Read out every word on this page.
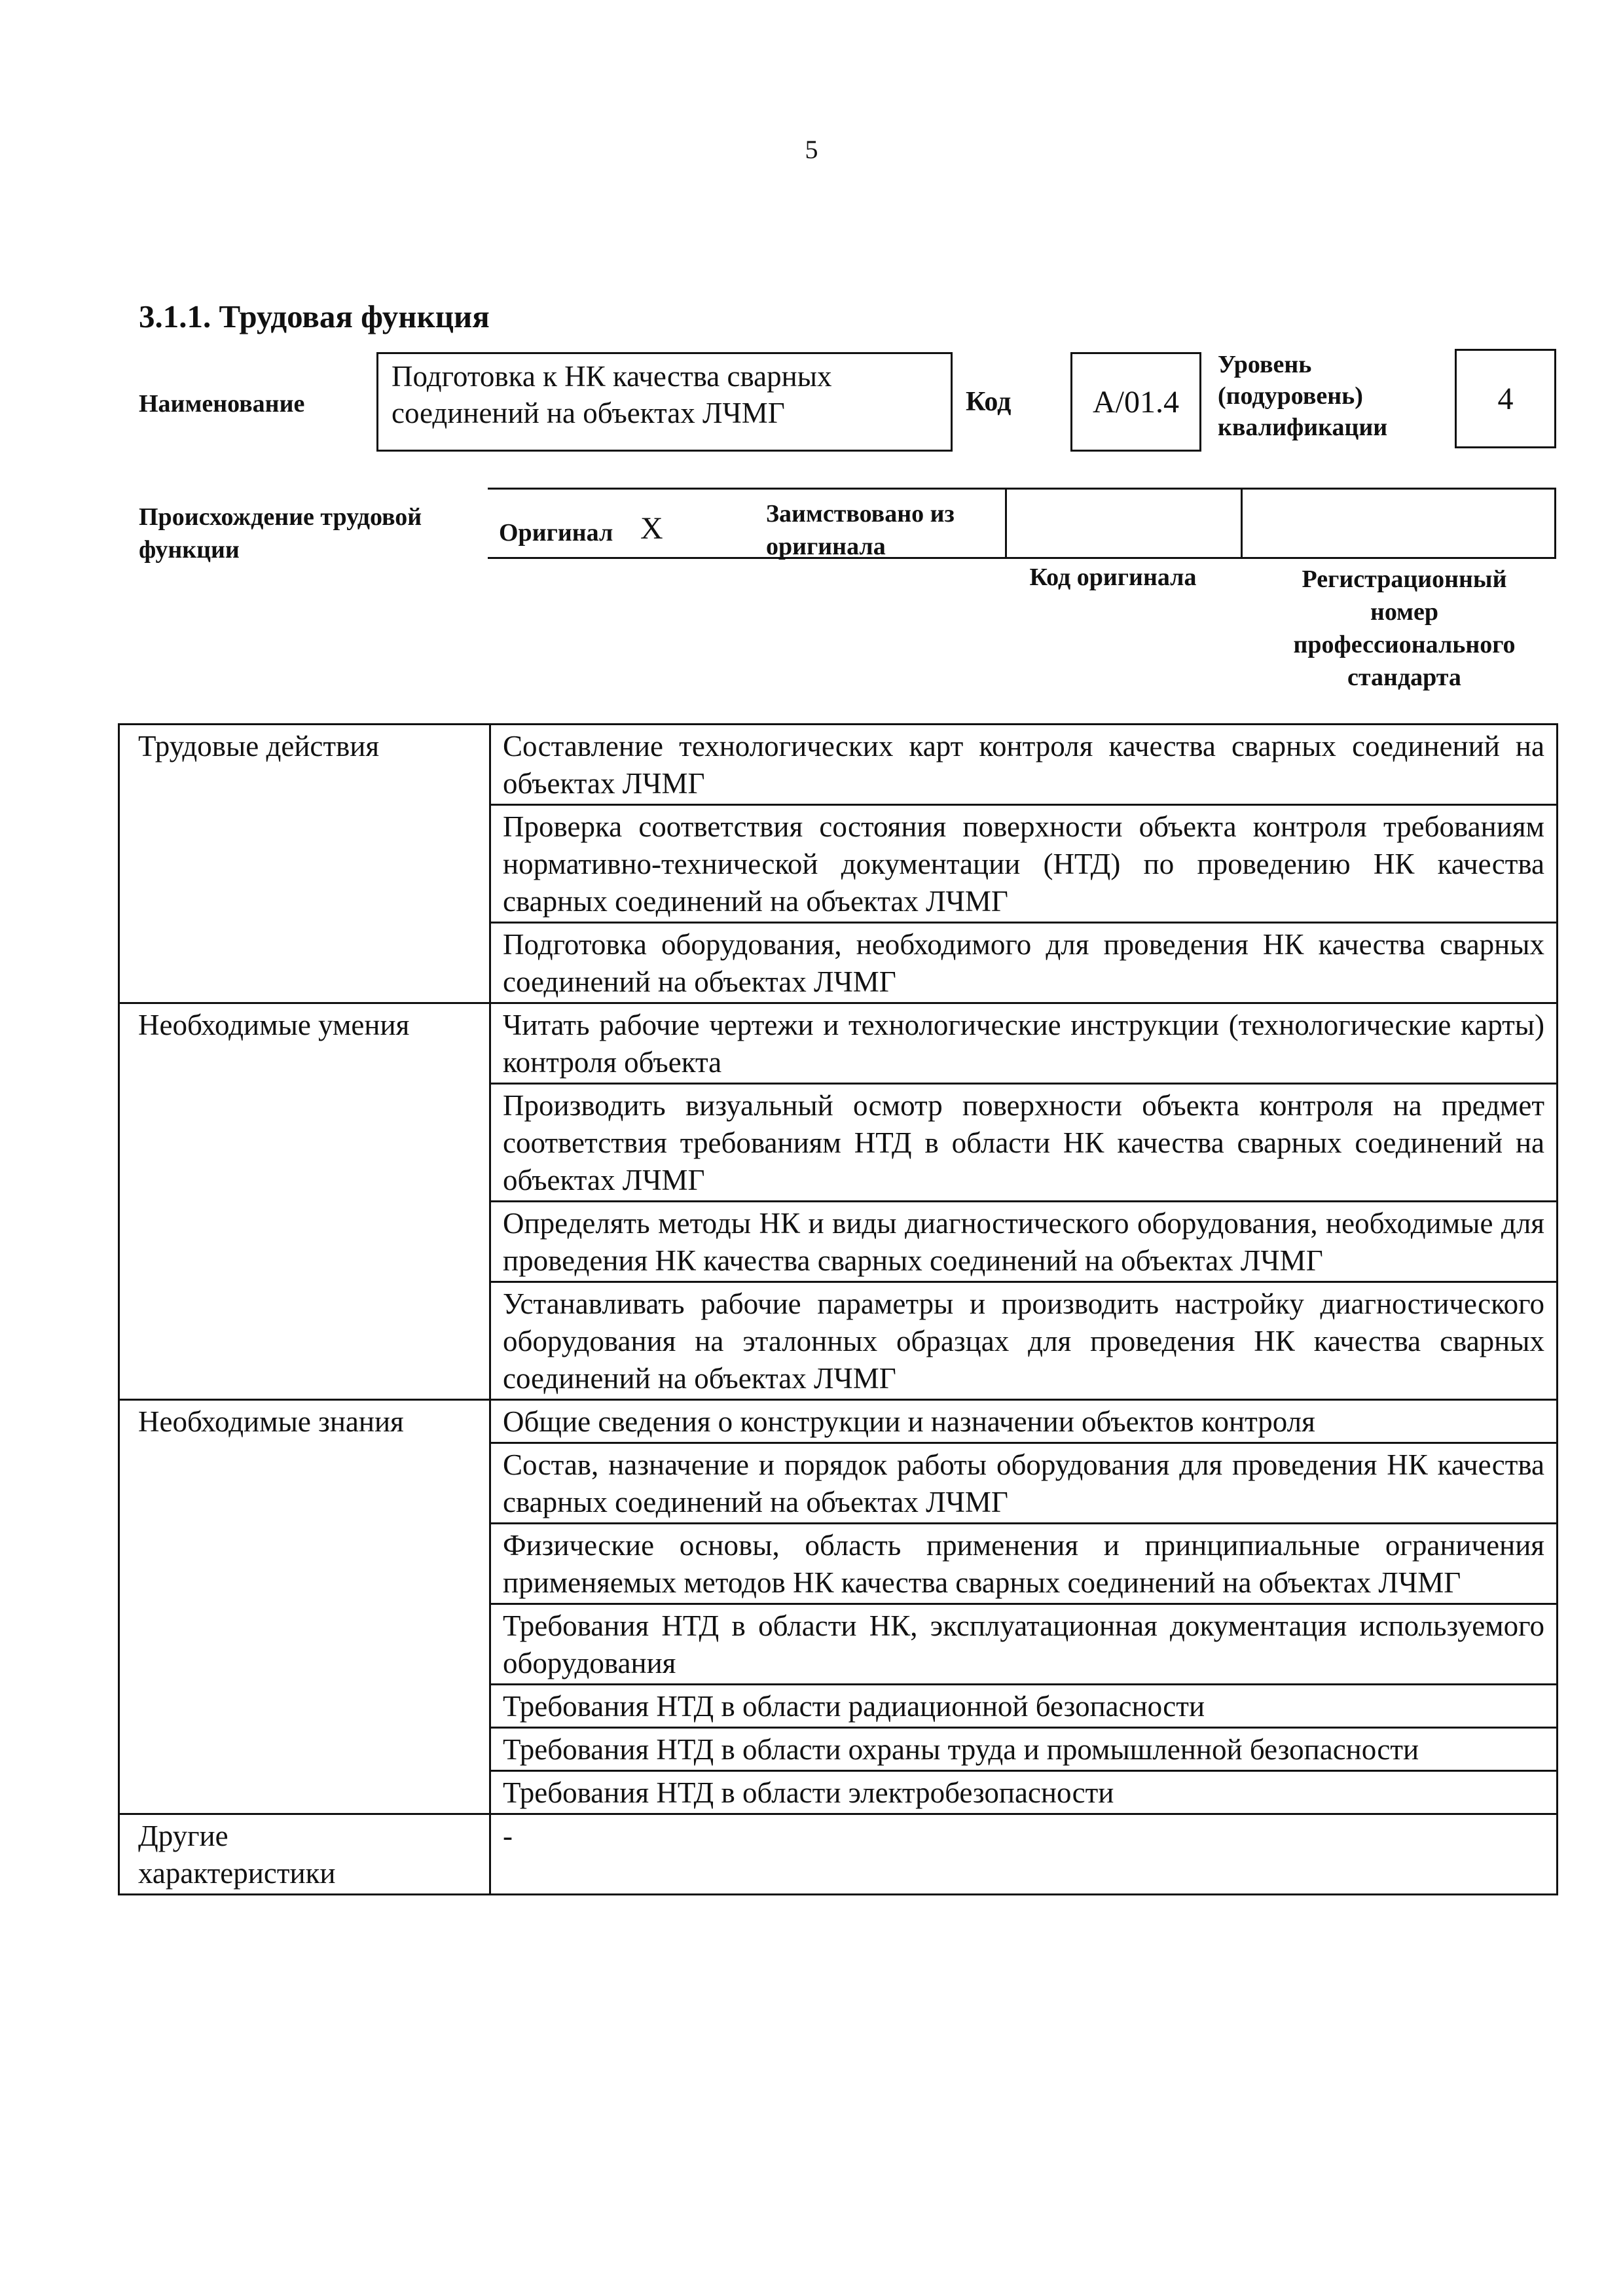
5
3.1.1. Трудовая функция
Наименование
Подготовка к НК качества сварных
соединений на объектах ЛЧМГ	Код	А/01.4
Уровень
(подуровень)
квалификации
4
Происхождение трудовой
функции
Оригинал X	Заимствовано из
оригинала
Код оригинала	Регистрационный
номер
профессионального
стандарта
Трудовые действия	Составление технологических карт контроля качества сварных соединений на объектах ЛЧМГ
	Проверка соответствия состояния поверхности объекта контроля требованиям нормативно-технической документации (НТД) по проведению НК качества сварных соединений на объектах ЛЧМГ
	Подготовка оборудования, необходимого для проведения НК качества сварных соединений на объектах ЛЧМГ
Необходимые умения	Читать рабочие чертежи и технологические инструкции (технологические карты) контроля объекта
	Производить визуальный осмотр поверхности объекта контроля на предмет соответствия требованиям НТД в области НК качества сварных соединений на объектах ЛЧМГ
	Определять методы НК и виды диагностического оборудования, необходимые для проведения НК качества сварных соединений на объектах ЛЧМГ
	Устанавливать рабочие параметры и производить настройку диагностического оборудования на эталонных образцах для проведения НК качества сварных соединений на объектах ЛЧМГ
Необходимые знания	Общие сведения о конструкции и назначении объектов контроля
	Состав, назначение и порядок работы оборудования для проведения НК качества сварных соединений на объектах ЛЧМГ
	Физические основы, область применения и принципиальные ограничения применяемых методов НК качества сварных соединений на объектах ЛЧМГ
	Требования НТД в области НК, эксплуатационная документация используемого оборудования
	Требования НТД в области радиационной безопасности
	Требования НТД в области охраны труда и промышленной безопасности
	Требования НТД в области электробезопасности

Другие
характеристики	-
